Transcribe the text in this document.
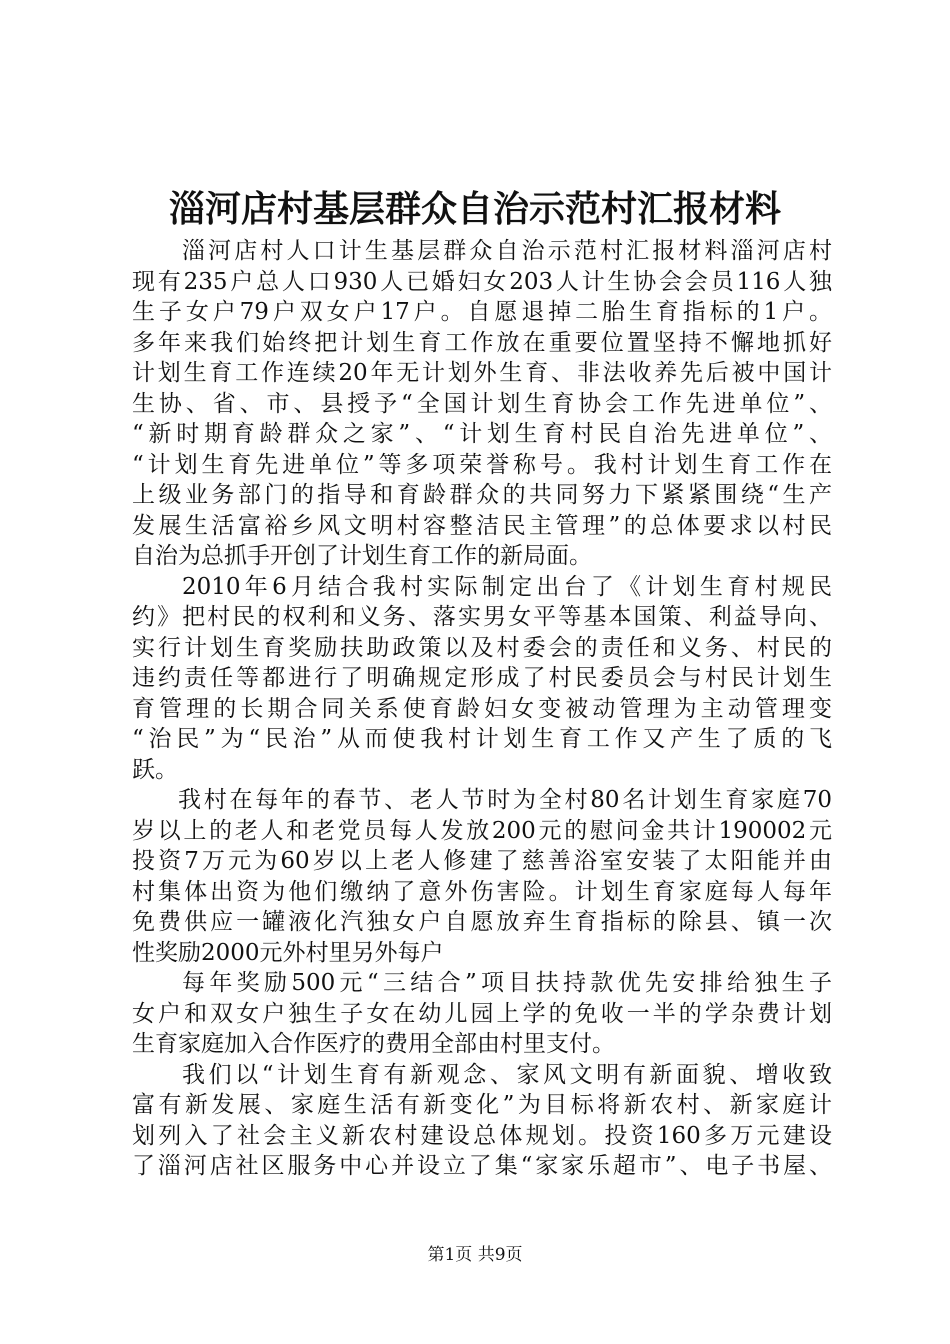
淄河店村基层群众自治示范村汇报材料
淄河店村人口计生基层群众自治示范村汇报材料淄河店村
现有235户总人口930人已婚妇女203人计生协会会员116人独
生子女户79户双女户17户。自愿退掉二胎生育指标的1户。
多年来我们始终把计划生育工作放在重要位置坚持不懈地抓好
计划生育工作连续20年无计划外生育、非法收养先后被中国计
生协、省、市、县授予“全国计划生育协会工作先进单位”、
“新时期育龄群众之家”、“计划生育村民自治先进单位”、
“计划生育先进单位”等多项荣誉称号。我村计划生育工作在
上级业务部门的指导和育龄群众的共同努力下紧紧围绕“生产
发展生活富裕乡风文明村容整洁民主管理”的总体要求以村民
自治为总抓手开创了计划生育工作的新局面。
2010年6月结合我村实际制定出台了《计划生育村规民
约》把村民的权利和义务、落实男女平等基本国策、利益导向、
实行计划生育奖励扶助政策以及村委会的责任和义务、村民的
违约责任等都进行了明确规定形成了村民委员会与村民计划生
育管理的长期合同关系使育龄妇女变被动管理为主动管理变
“治民”为“民治”从而使我村计划生育工作又产生了质的飞
跃。
我村在每年的春节、老人节时为全村80名计划生育家庭70
岁以上的老人和老党员每人发放200元的慰问金共计190002元
投资7万元为60岁以上老人修建了慈善浴室安装了太阳能并由
村集体出资为他们缴纳了意外伤害险。计划生育家庭每人每年
免费供应一罐液化汽独女户自愿放弃生育指标的除县、镇一次
性奖励2000元外村里另外每户
每年奖励500元“三结合”项目扶持款优先安排给独生子
女户和双女户独生子女在幼儿园上学的免收一半的学杂费计划
生育家庭加入合作医疗的费用全部由村里支付。
我们以“计划生育有新观念、家风文明有新面貌、增收致
富有新发展、家庭生活有新变化”为目标将新农村、新家庭计
划列入了社会主义新农村建设总体规划。投资160多万元建设
了淄河店社区服务中心并设立了集“家家乐超市”、电子书屋、
第1页 共9页
